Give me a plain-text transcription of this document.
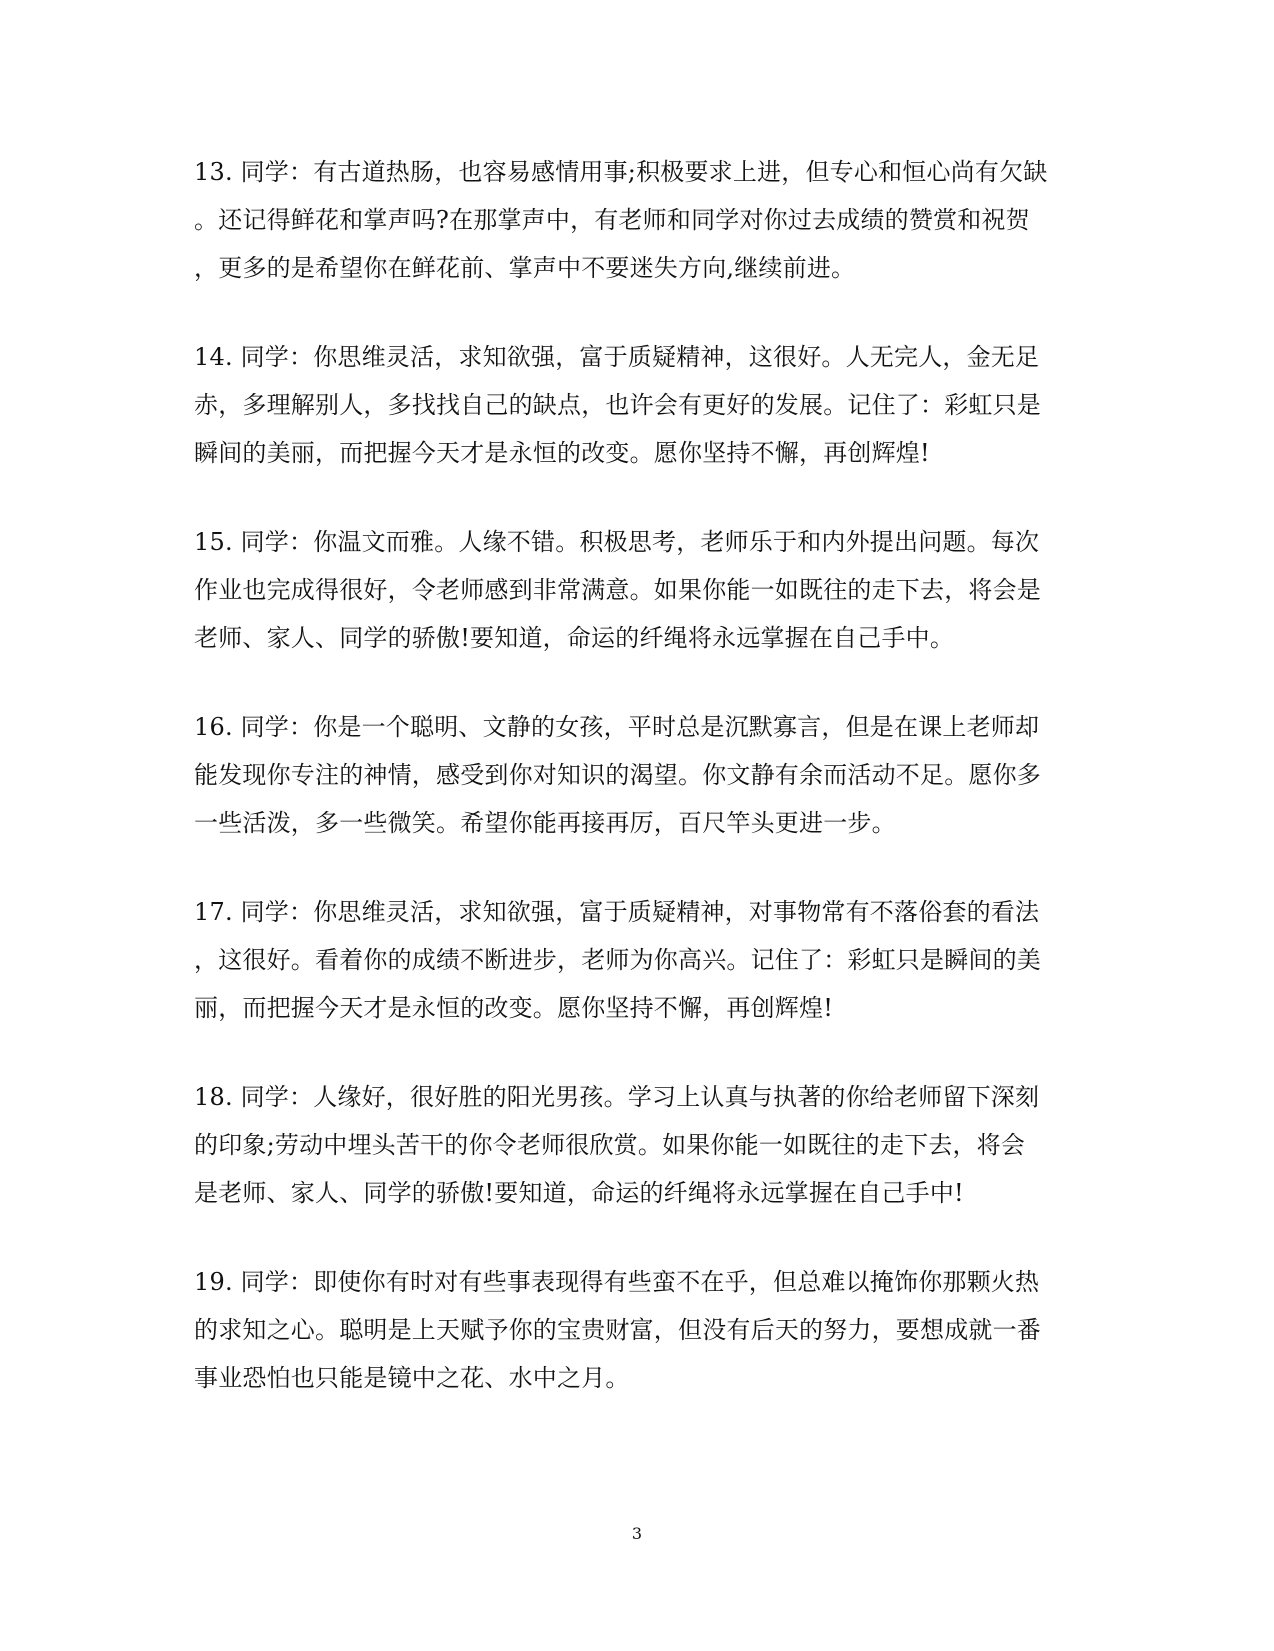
13. 同学：有古道热肠，也容易感情用事;积极要求上进，但专心和恒心尚有欠缺
。还记得鲜花和掌声吗?在那掌声中，有老师和同学对你过去成绩的赞赏和祝贺
，更多的是希望你在鲜花前、掌声中不要迷失方向,继续前进。
14. 同学：你思维灵活，求知欲强，富于质疑精神，这很好。人无完人，金无足
赤，多理解别人，多找找自己的缺点，也许会有更好的发展。记住了：彩虹只是
瞬间的美丽，而把握今天才是永恒的改变。愿你坚持不懈，再创辉煌!
15. 同学：你温文而雅。人缘不错。积极思考，老师乐于和内外提出问题。每次
作业也完成得很好，令老师感到非常满意。如果你能一如既往的走下去，将会是
老师、家人、同学的骄傲!要知道，命运的纤绳将永远掌握在自己手中。
16. 同学：你是一个聪明、文静的女孩，平时总是沉默寡言，但是在课上老师却
能发现你专注的神情，感受到你对知识的渴望。你文静有余而活动不足。愿你多
一些活泼，多一些微笑。希望你能再接再厉，百尺竿头更进一步。
17. 同学：你思维灵活，求知欲强，富于质疑精神，对事物常有不落俗套的看法
，这很好。看着你的成绩不断进步，老师为你高兴。记住了：彩虹只是瞬间的美
丽，而把握今天才是永恒的改变。愿你坚持不懈，再创辉煌!
18. 同学：人缘好，很好胜的阳光男孩。学习上认真与执著的你给老师留下深刻
的印象;劳动中埋头苦干的你令老师很欣赏。如果你能一如既往的走下去，将会
是老师、家人、同学的骄傲!要知道，命运的纤绳将永远掌握在自己手中!
19. 同学：即使你有时对有些事表现得有些蛮不在乎，但总难以掩饰你那颗火热
的求知之心。聪明是上天赋予你的宝贵财富，但没有后天的努力，要想成就一番
事业恐怕也只能是镜中之花、水中之月。
3
